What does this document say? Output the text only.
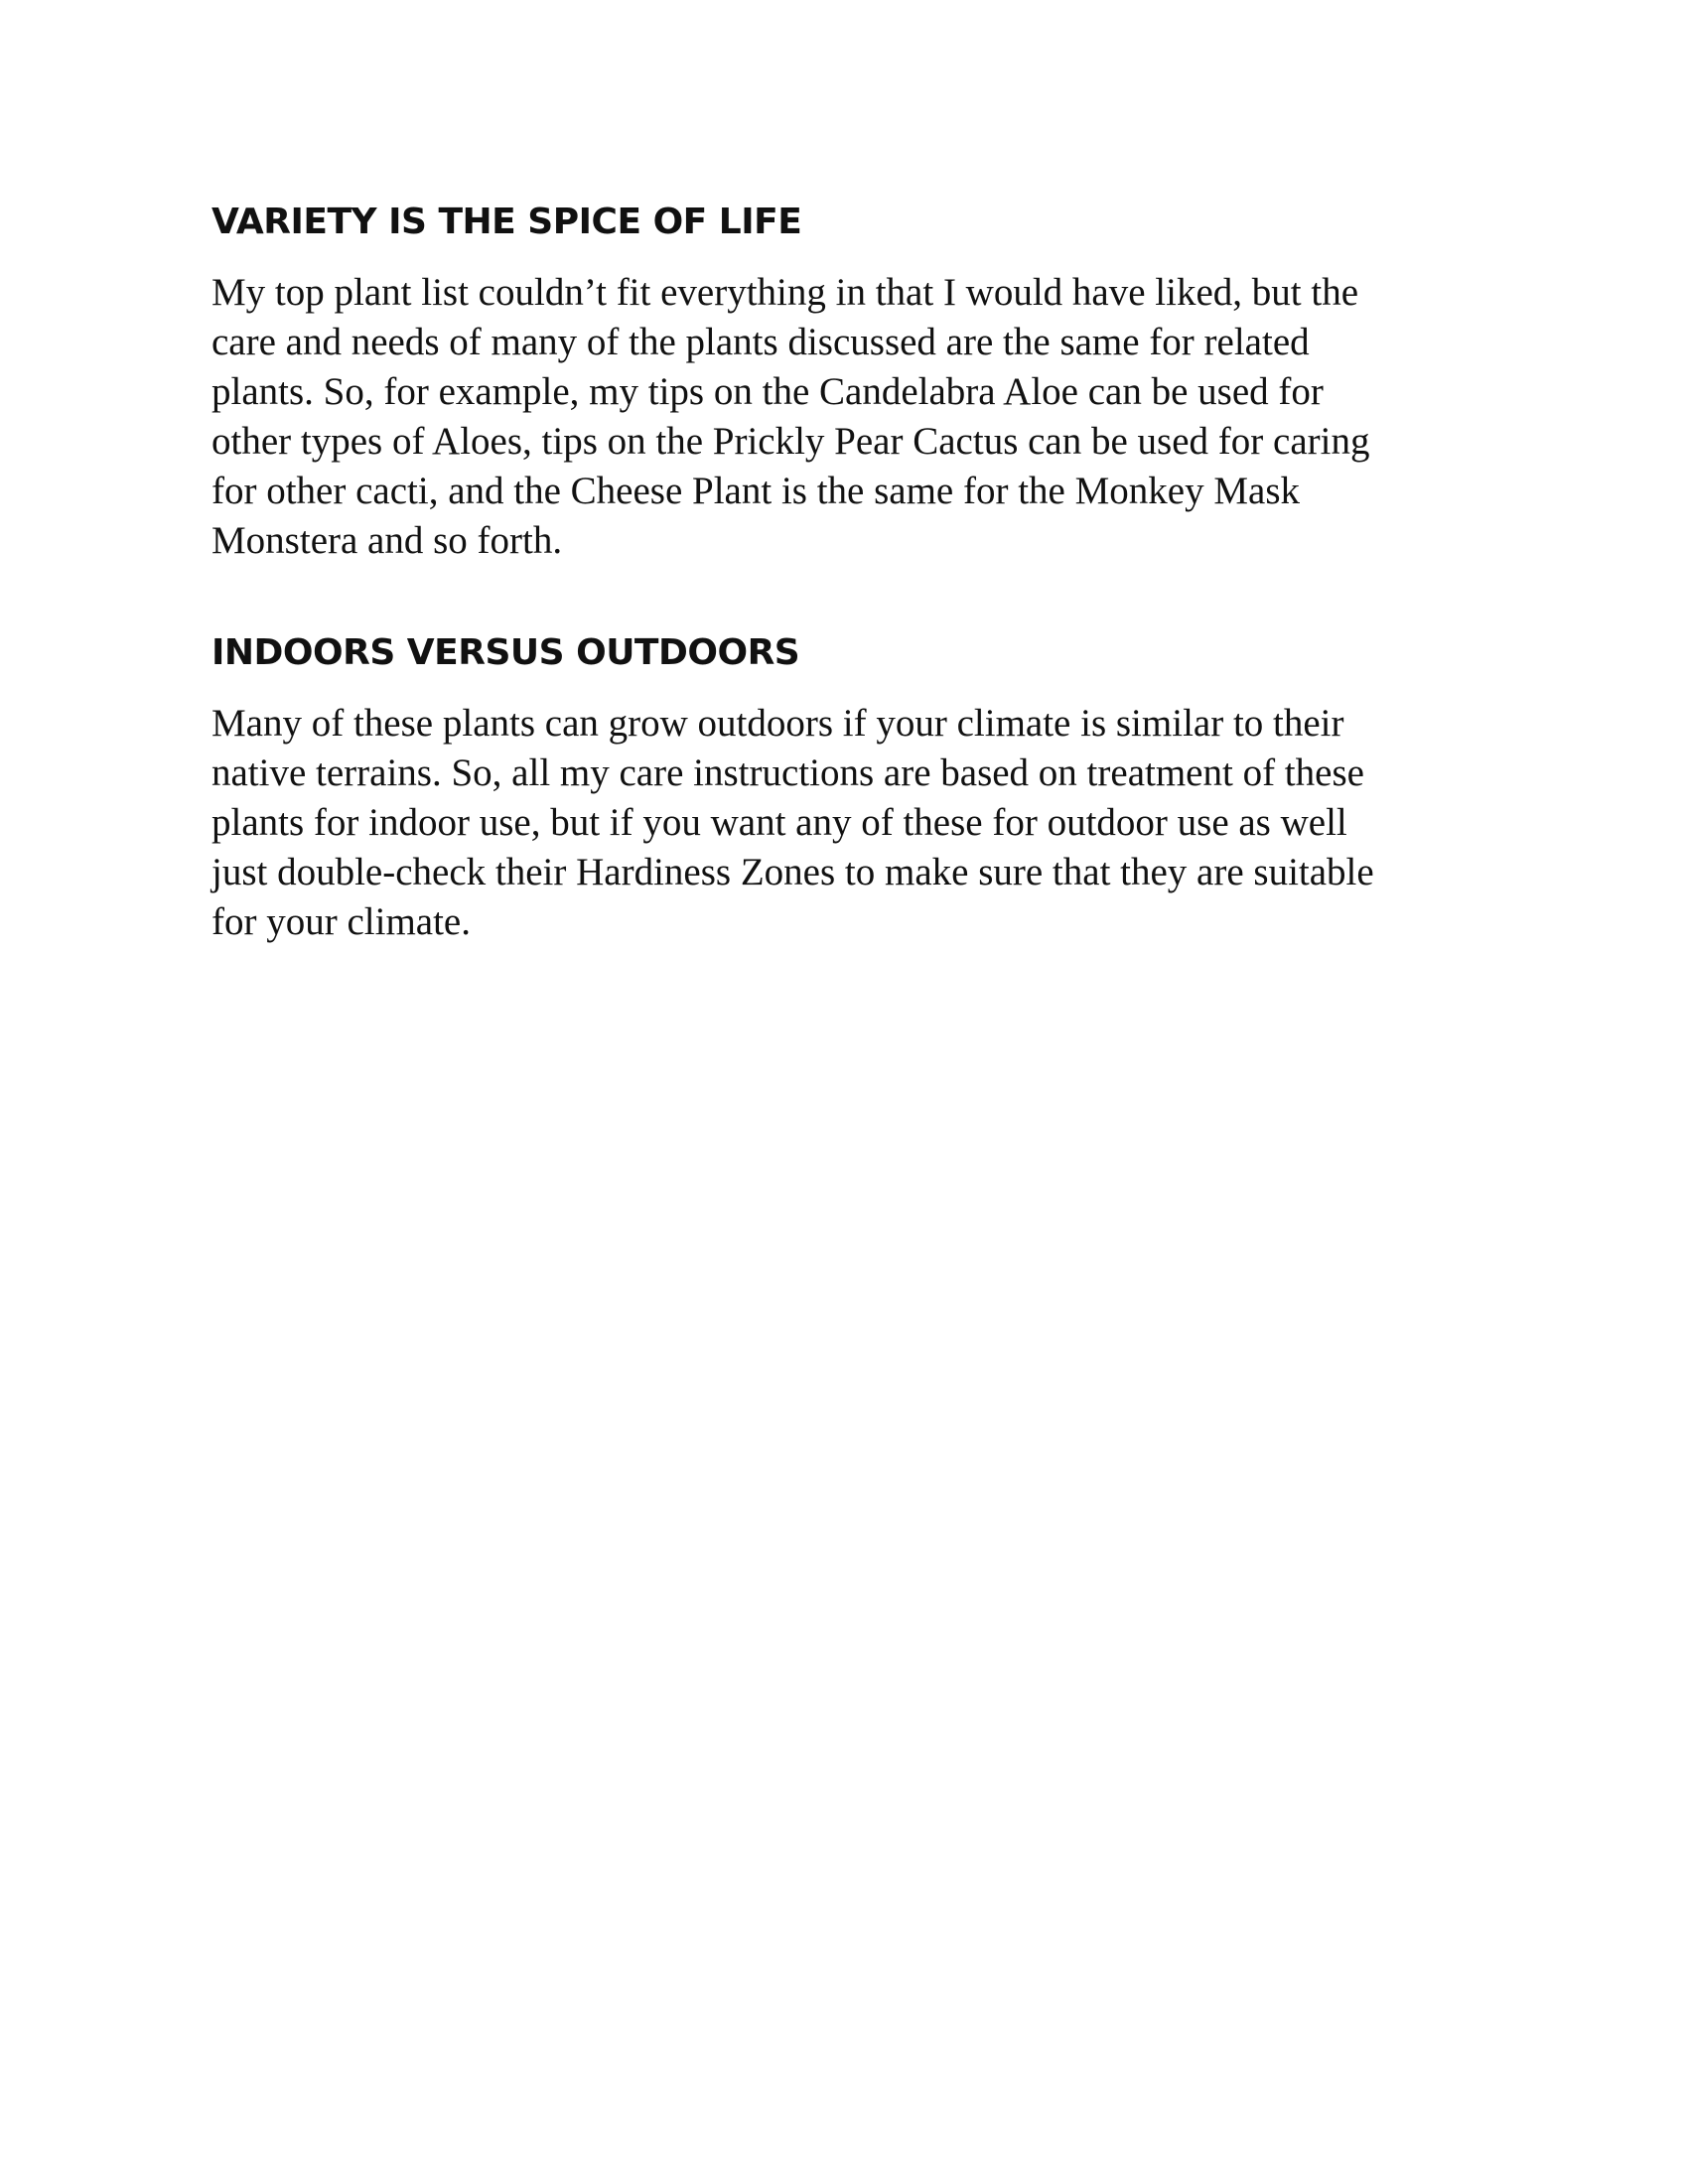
VARIETY IS THE SPICE OF LIFE

My top plant list couldn’t fit everything in that I would have liked, but the
care and needs of many of the plants discussed are the same for related
plants. So, for example, my tips on the Candelabra Aloe can be used for
other types of Aloes, tips on the Prickly Pear Cactus can be used for caring
for other cacti, and the Cheese Plant is the same for the Monkey Mask
Monstera and so forth.

INDOORS VERSUS OUTDOORS

Many of these plants can grow outdoors if your climate is similar to their
native terrains. So, all my care instructions are based on treatment of these
plants for indoor use, but if you want any of these for outdoor use as well
just double-check their Hardiness Zones to make sure that they are suitable
for your climate.
